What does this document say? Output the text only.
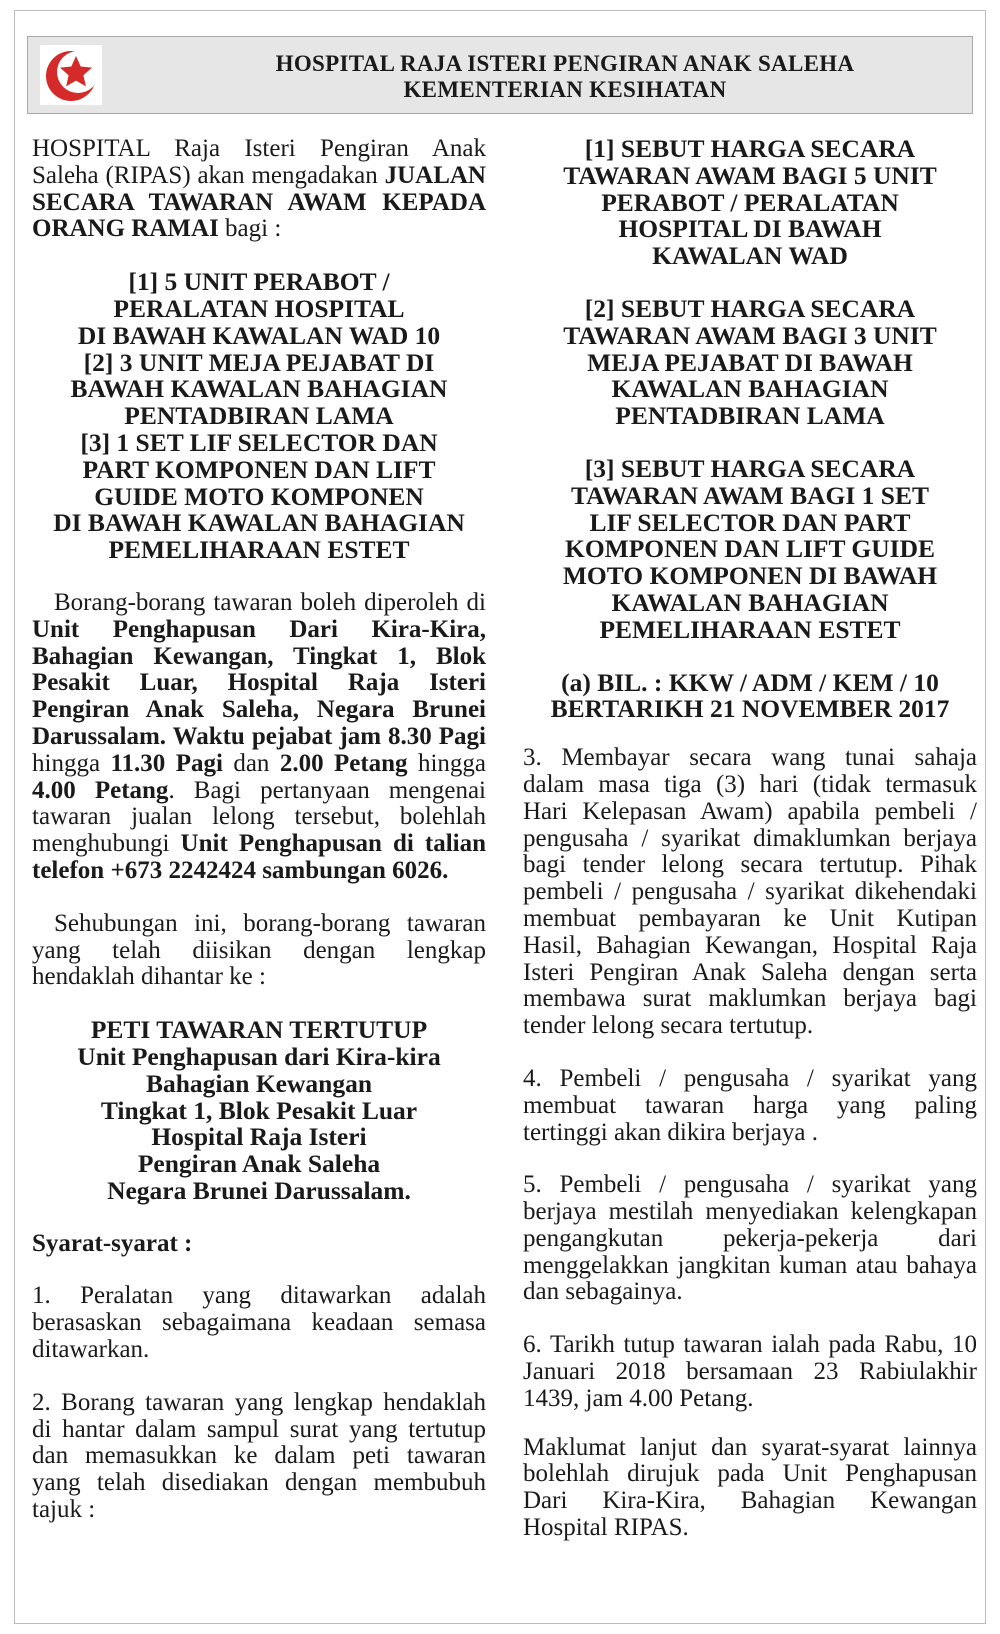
HOSPITAL RAJA ISTERI PENGIRAN ANAK SALEHA
KEMENTERIAN KESIHATAN

HOSPITAL Raja Isteri Pengiran Anak Saleha (RIPAS) akan mengadakan JUALAN SECARA TAWARAN AWAM KEPADA ORANG RAMAI bagi :

[1] 5 UNIT PERABOT /
PERALATAN HOSPITAL
DI BAWAH KAWALAN WAD 10
[2] 3 UNIT MEJA PEJABAT DI
BAWAH KAWALAN BAHAGIAN
PENTADBIRAN LAMA
[3] 1 SET LIF SELECTOR DAN
PART KOMPONEN DAN LIFT
GUIDE MOTO KOMPONEN
DI BAWAH KAWALAN BAHAGIAN
PEMELIHARAAN ESTET

Borang-borang tawaran boleh diperoleh di Unit Penghapusan Dari Kira-Kira, Bahagian Kewangan, Tingkat 1, Blok Pesakit Luar, Hospital Raja Isteri Pengiran Anak Saleha, Negara Brunei Darussalam. Waktu pejabat jam 8.30 Pagi hingga 11.30 Pagi dan 2.00 Petang hingga 4.00 Petang. Bagi pertanyaan mengenai tawaran jualan lelong tersebut, bolehlah menghubungi Unit Penghapusan di talian telefon +673 2242424 sambungan 6026.

Sehubungan ini, borang-borang tawaran yang telah diisikan dengan lengkap hendaklah dihantar ke :

PETI TAWARAN TERTUTUP
Unit Penghapusan dari Kira-kira
Bahagian Kewangan
Tingkat 1, Blok Pesakit Luar
Hospital Raja Isteri
Pengiran Anak Saleha
Negara Brunei Darussalam.

Syarat-syarat :

1. Peralatan yang ditawarkan adalah berasaskan sebagaimana keadaan semasa ditawarkan.

2. Borang tawaran yang lengkap hendaklah di hantar dalam sampul surat yang tertutup dan memasukkan ke dalam peti tawaran yang telah disediakan dengan membubuh tajuk :

[1] SEBUT HARGA SECARA
TAWARAN AWAM BAGI 5 UNIT
PERABOT / PERALATAN
HOSPITAL DI BAWAH
KAWALAN WAD
[2] SEBUT HARGA SECARA
TAWARAN AWAM BAGI 3 UNIT
MEJA PEJABAT DI BAWAH
KAWALAN BAHAGIAN
PENTADBIRAN LAMA
[3] SEBUT HARGA SECARA
TAWARAN AWAM BAGI 1 SET
LIF SELECTOR DAN PART
KOMPONEN DAN LIFT GUIDE
MOTO KOMPONEN DI BAWAH
KAWALAN BAHAGIAN
PEMELIHARAAN ESTET
(a) BIL. : KKW / ADM / KEM / 10
BERTARIKH 21 NOVEMBER 2017

3. Membayar secara wang tunai sahaja dalam masa tiga (3) hari (tidak termasuk Hari Kelepasan Awam) apabila pembeli / pengusaha / syarikat dimaklumkan berjaya bagi tender lelong secara tertutup. Pihak pembeli / pengusaha / syarikat dikehendaki membuat pembayaran ke Unit Kutipan Hasil, Bahagian Kewangan, Hospital Raja Isteri Pengiran Anak Saleha dengan serta membawa surat maklumkan berjaya bagi tender lelong secara tertutup.

4. Pembeli / pengusaha / syarikat yang membuat tawaran harga yang paling tertinggi akan dikira berjaya .

5. Pembeli / pengusaha / syarikat yang berjaya mestilah menyediakan kelengkapan pengangkutan pekerja-pekerja dari menggelakkan jangkitan kuman atau bahaya dan sebagainya.

6. Tarikh tutup tawaran ialah pada Rabu, 10 Januari 2018 bersamaan 23 Rabiulakhir 1439, jam 4.00 Petang.

Maklumat lanjut dan syarat-syarat lainnya bolehlah dirujuk pada Unit Penghapusan Dari Kira-Kira, Bahagian Kewangan Hospital RIPAS.
